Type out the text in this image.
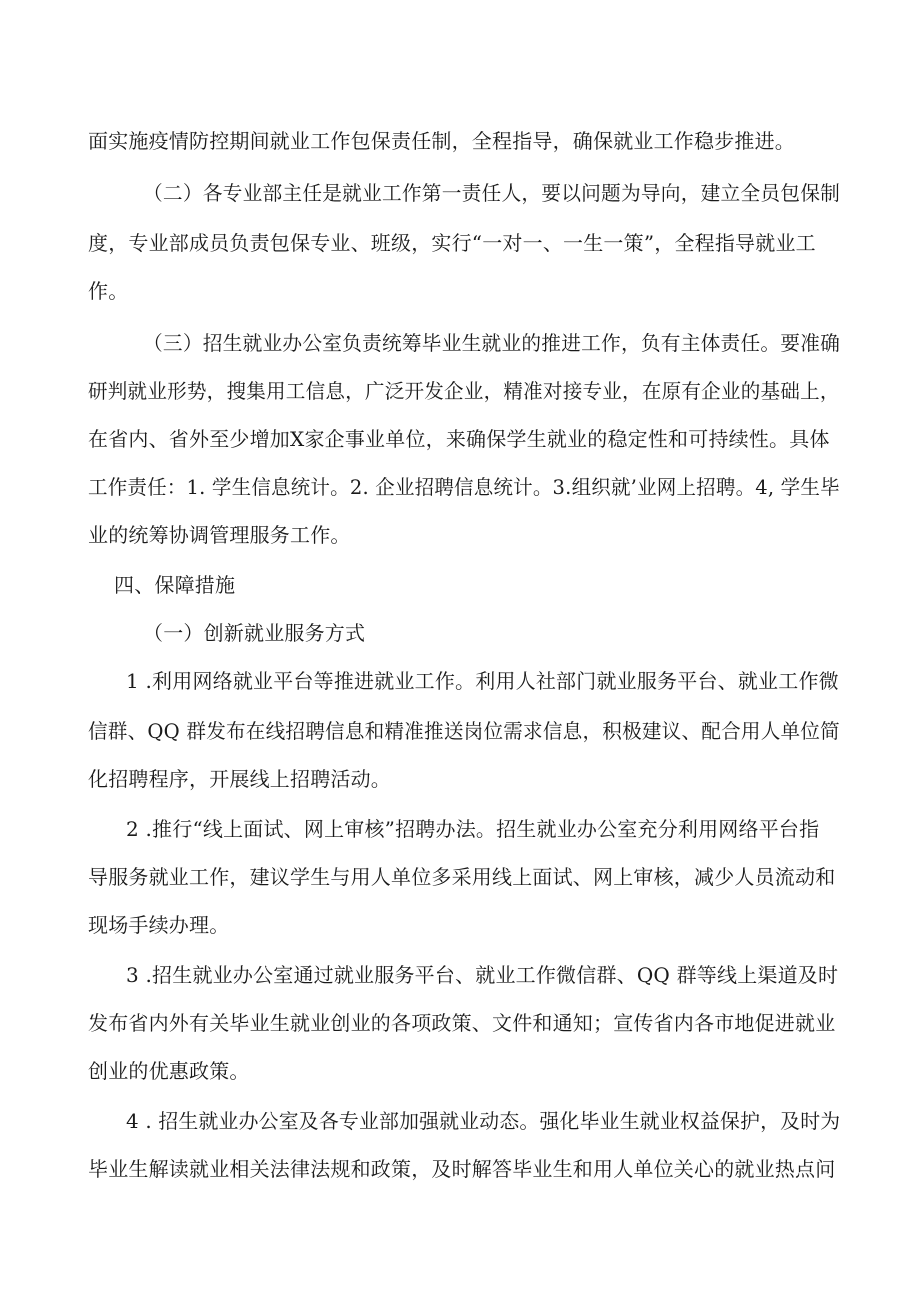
面实施疫情防控期间就业工作包保责任制，全程指导，确保就业工作稳步推进。
（二）各专业部主任是就业工作第一责任人，要以问题为导向，建立全员包保制
度，专业部成员负责包保专业、班级，实行“一对一、一生一策”，全程指导就业工
作。
（三）招生就业办公室负责统筹毕业生就业的推进工作，负有主体责任。要准确
研判就业形势，搜集用工信息，广泛开发企业，精准对接专业，在原有企业的基础上，
在省内、省外至少增加X家企事业单位，来确保学生就业的稳定性和可持续性。具体
工作责任：1. 学生信息统计。2. 企业招聘信息统计。3.组织就’业网上招聘。4, 学生毕
业的统筹协调管理服务工作。
四、保障措施
（一）创新就业服务方式
1 .利用网络就业平台等推进就业工作。利用人社部门就业服务平台、就业工作微
信群、QQ 群发布在线招聘信息和精准推送岗位需求信息，积极建议、配合用人单位简
化招聘程序，开展线上招聘活动。
2 .推行“线上面试、网上审核”招聘办法。招生就业办公室充分利用网络平台指
导服务就业工作，建议学生与用人单位多采用线上面试、网上审核，减少人员流动和
现场手续办理。
3 .招生就业办公室通过就业服务平台、就业工作微信群、QQ 群等线上渠道及时
发布省内外有关毕业生就业创业的各项政策、文件和通知；宣传省内各市地促进就业
创业的优惠政策。
4 . 招生就业办公室及各专业部加强就业动态。强化毕业生就业权益保护，及时为
毕业生解读就业相关法律法规和政策，及时解答毕业生和用人单位关心的就业热点问
